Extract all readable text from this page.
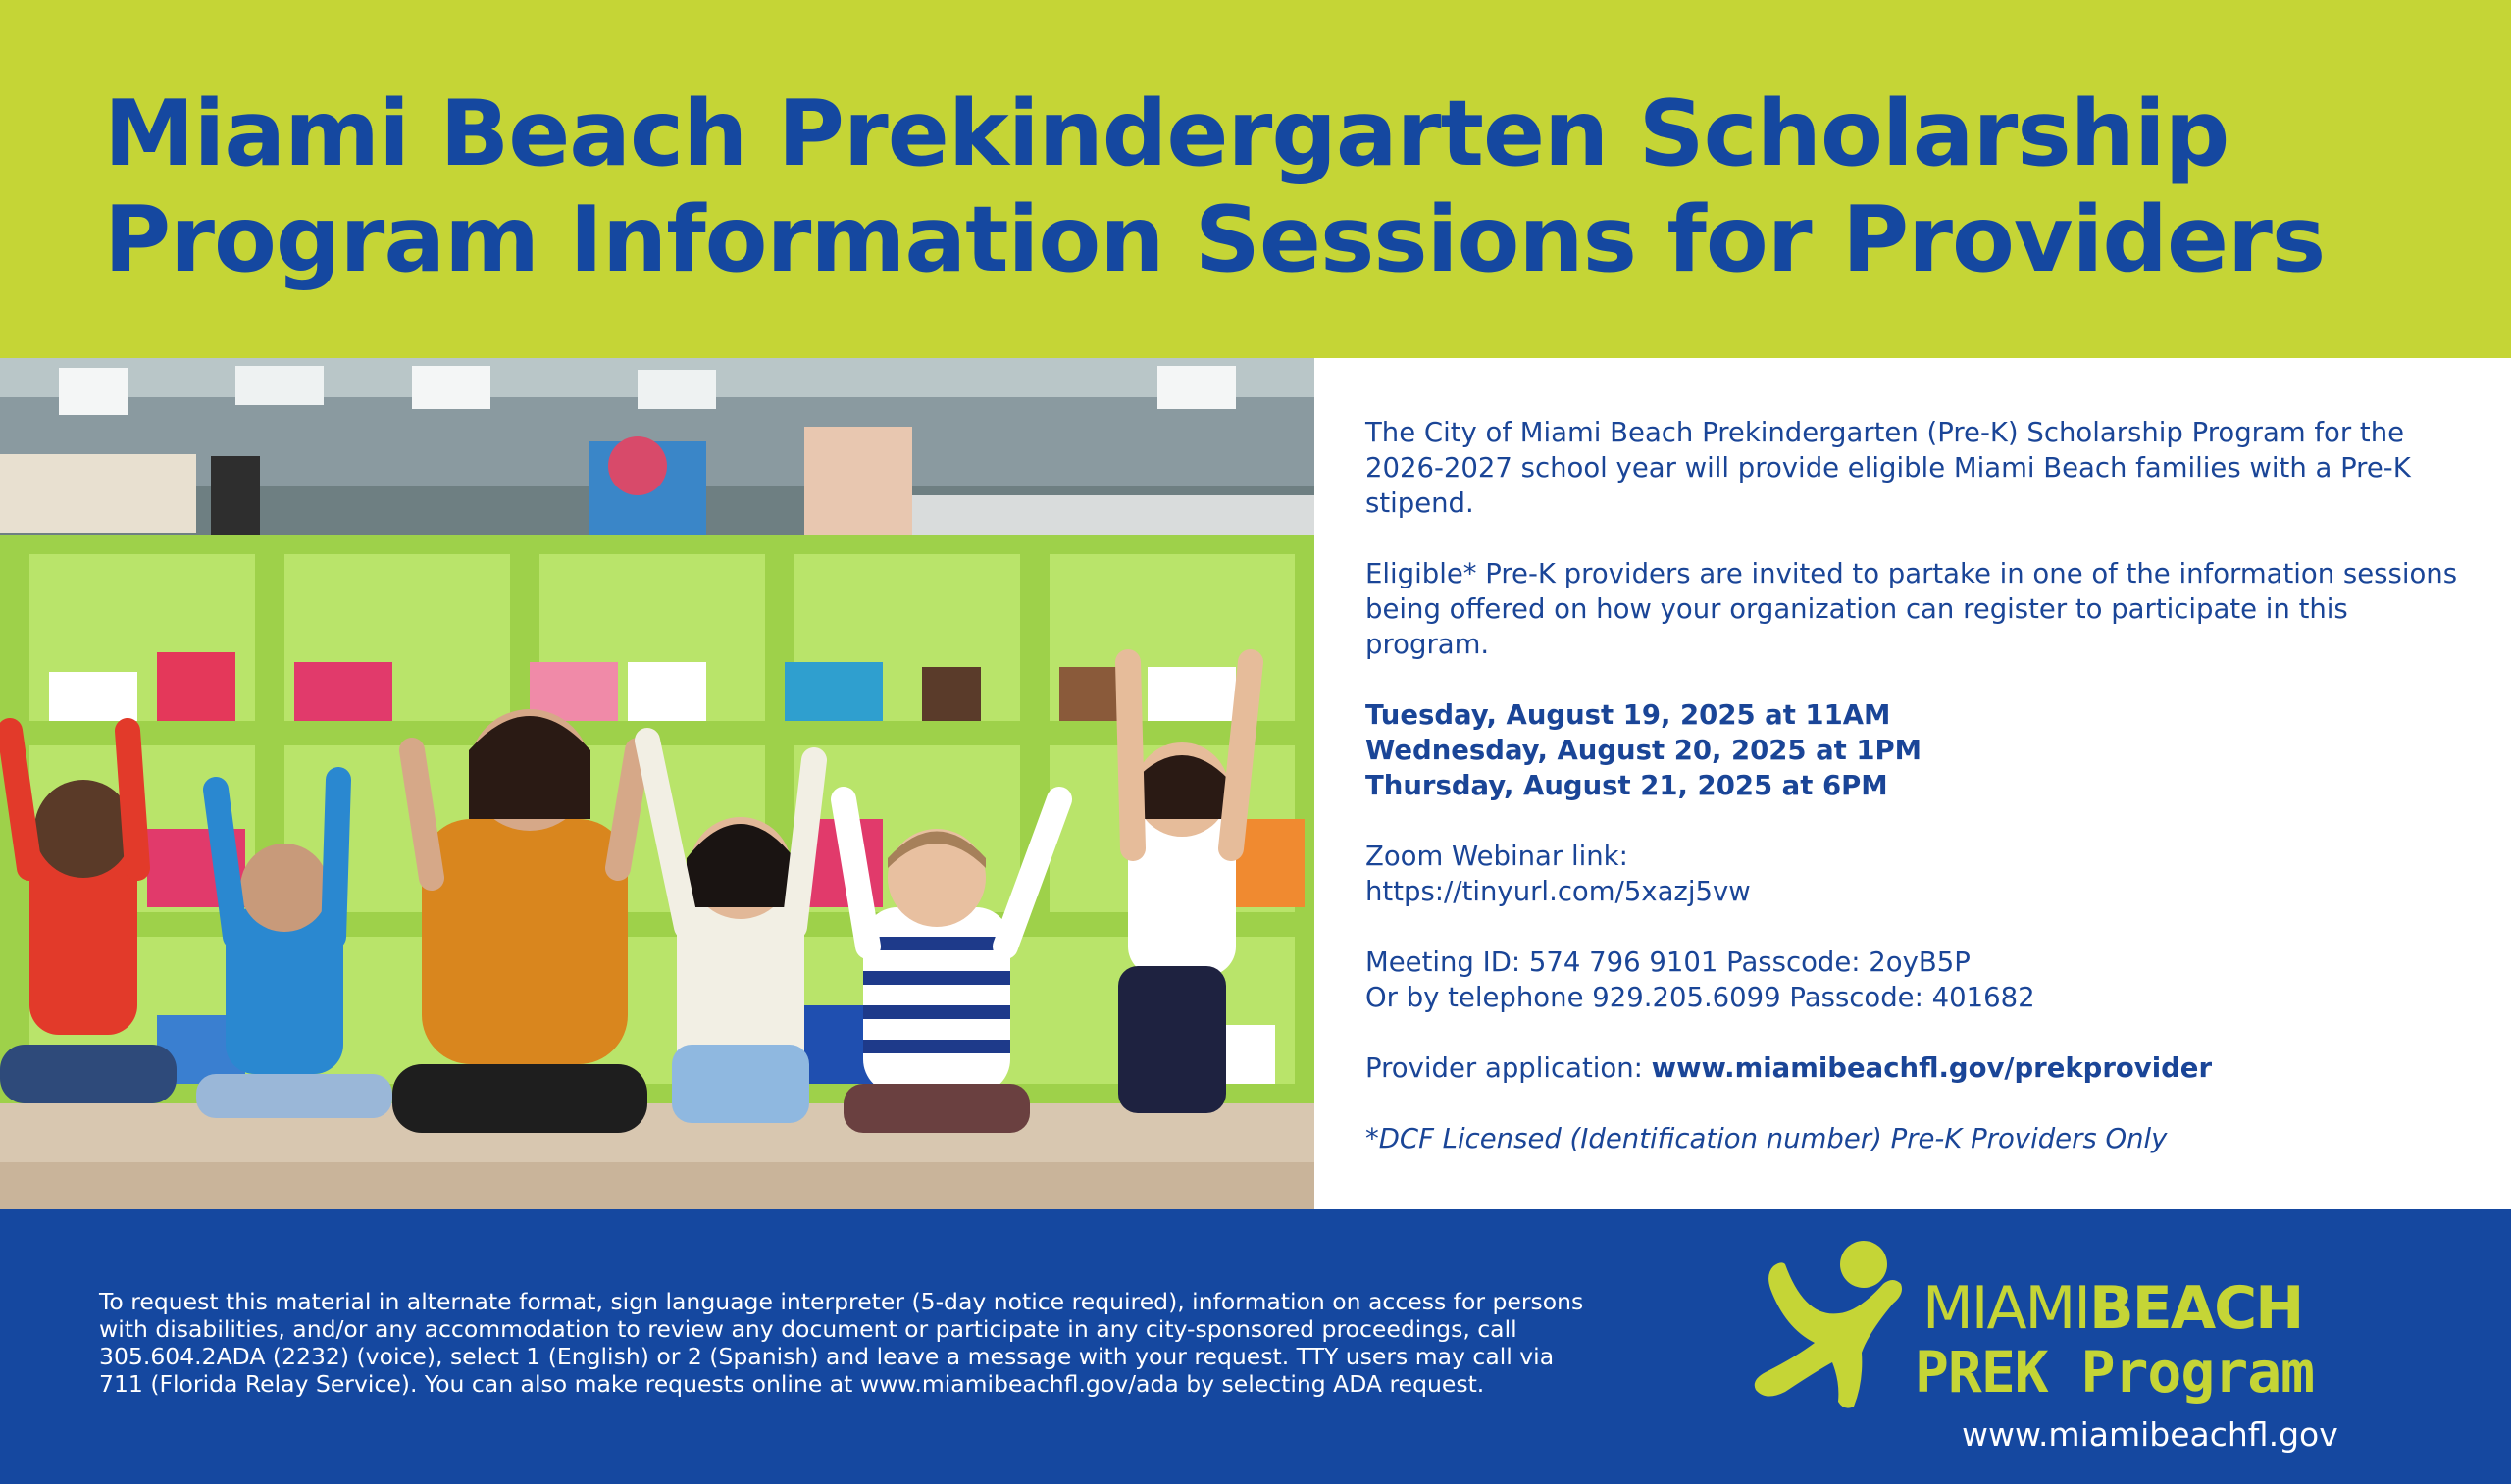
Miami Beach Prekindergarten Scholarship
Program Information Sessions for Providers

The City of Miami Beach Prekindergarten (Pre-K) Scholarship Program for the 2026-2027 school year will provide eligible Miami Beach families with a Pre-K stipend.

Eligible* Pre-K providers are invited to partake in one of the information sessions being offered on how your organization can register to participate in this program.

Tuesday, August 19, 2025 at 11AM

Wednesday, August 20, 2025 at 1PM

Thursday, August 21, 2025 at 6PM

Zoom Webinar link:

https://tinyurl.com/5xazj5vw

Meeting ID: 574 796 9101 Passcode: 2oyB5P

Or by telephone 929.205.6099 Passcode: 401682

Provider application: www.miamibeachfl.gov/prekprovider

*DCF Licensed (Identification number) Pre-K Providers Only

To request this material in alternate format, sign language interpreter (5-day notice required), information on access for persons
with disabilities, and/or any accommodation to review any document or participate in any city-sponsored proceedings, call
305.604.2ADA (2232) (voice), select 1 (English) or 2 (Spanish) and leave a message with your request. TTY users may call via
711 (Florida Relay Service). You can also make requests online at www.miamibeachfl.gov/ada by selecting ADA request.

MIAMIBEACH
PREK Program
www.miamibeachfl.gov
